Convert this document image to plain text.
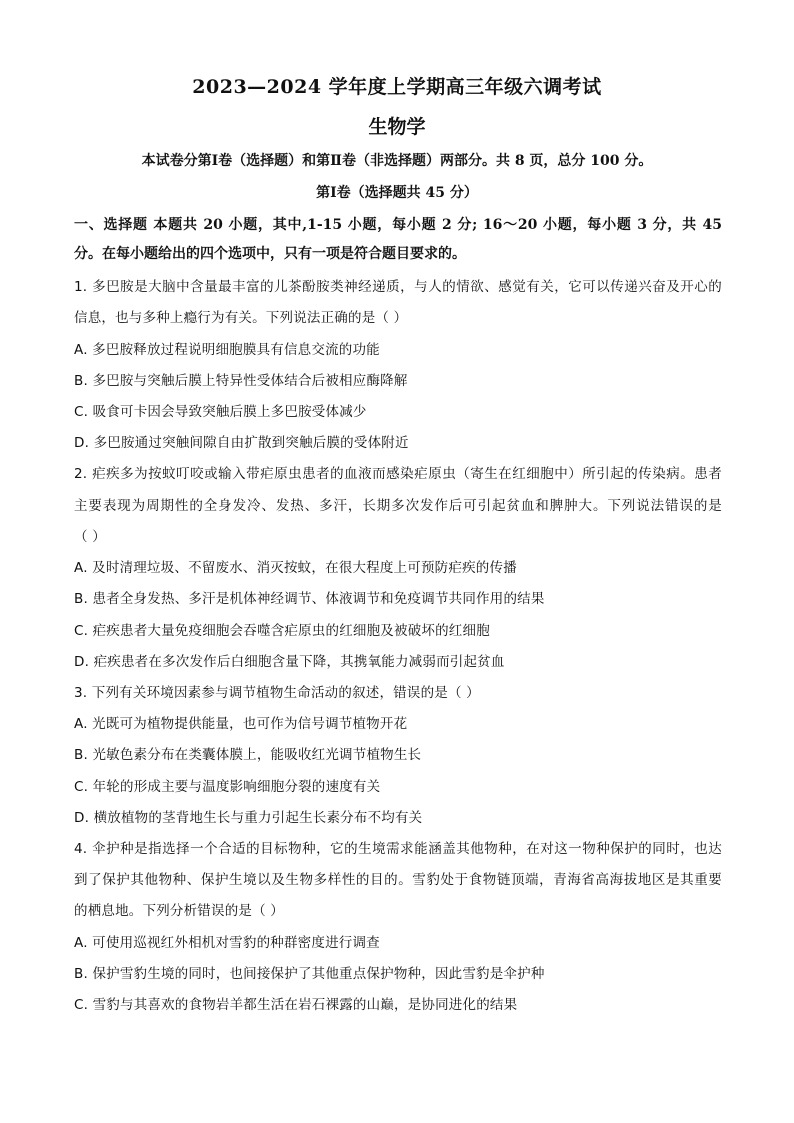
2023—2024 学年度上学期高三年级六调考试
生物学
本试卷分第Ⅰ卷（选择题）和第Ⅱ卷（非选择题）两部分。共 8 页，总分 100 分。
第Ⅰ卷（选择题共 45 分）
一、选择题 本题共 20 小题，其中,1-15 小题，每小题 2 分; 16～20 小题，每小题 3 分，共 45
分。在每小题给出的四个选项中，只有一项是符合题目要求的。
1. 多巴胺是大脑中含量最丰富的儿茶酚胺类神经递质，与人的情欲、感觉有关，它可以传递兴奋及开心的
信息，也与多种上瘾行为有关。下列说法正确的是（ ）
A. 多巴胺释放过程说明细胞膜具有信息交流的功能
B. 多巴胺与突触后膜上特异性受体结合后被相应酶降解
C. 吸食可卡因会导致突触后膜上多巴胺受体减少
D. 多巴胺通过突触间隙自由扩散到突触后膜的受体附近
2. 疟疾多为按蚊叮咬或输入带疟原虫患者的血液而感染疟原虫（寄生在红细胞中）所引起的传染病。患者
主要表现为周期性的全身发冷、发热、多汗，长期多次发作后可引起贫血和脾肿大。下列说法错误的是
（ ）
A. 及时清理垃圾、不留废水、消灭按蚊，在很大程度上可预防疟疾的传播
B. 患者全身发热、多汗是机体神经调节、体液调节和免疫调节共同作用的结果
C. 疟疾患者大量免疫细胞会吞噬含疟原虫的红细胞及被破坏的红细胞
D. 疟疾患者在多次发作后白细胞含量下降，其携氧能力减弱而引起贫血
3. 下列有关环境因素参与调节植物生命活动的叙述，错误的是（ ）
A. 光既可为植物提供能量，也可作为信号调节植物开花
B. 光敏色素分布在类囊体膜上，能吸收红光调节植物生长
C. 年轮的形成主要与温度影响细胞分裂的速度有关
D. 横放植物的茎背地生长与重力引起生长素分布不均有关
4. 伞护种是指选择一个合适的目标物种，它的生境需求能涵盖其他物种，在对这一物种保护的同时，也达
到了保护其他物种、保护生境以及生物多样性的目的。雪豹处于食物链顶端，青海省高海拔地区是其重要
的栖息地。下列分析错误的是（ ）
A. 可使用巡视红外相机对雪豹的种群密度进行调查
B. 保护雪豹生境的同时，也间接保护了其他重点保护物种，因此雪豹是伞护种
C. 雪豹与其喜欢的食物岩羊都生活在岩石裸露的山巅，是协同进化的结果
